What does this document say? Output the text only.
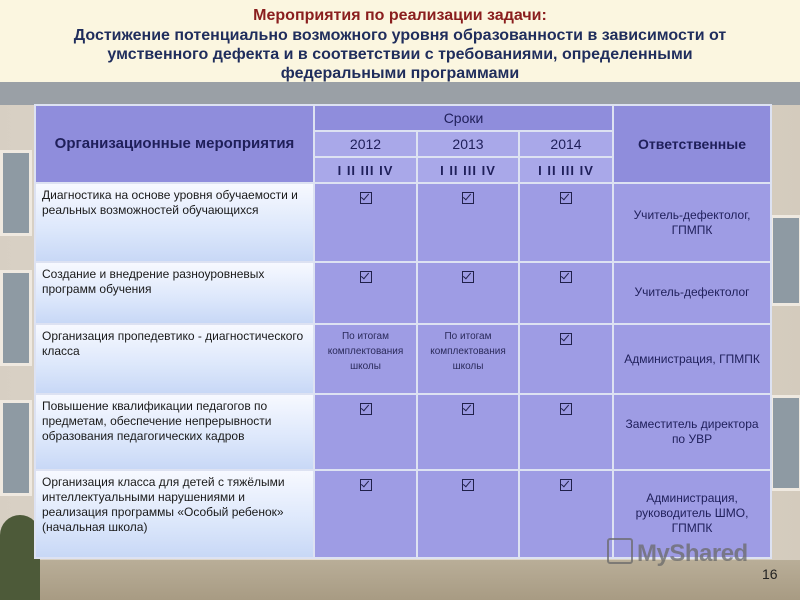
Мероприятия по реализации задачи:
Достижение потенциально возможного уровня образованности в зависимости от
умственного дефекта и в соответствии с требованиями, определенными
федеральными программами
Организационные мероприятия	Сроки			Ответственные
	2012	2013	2014	
	I II III IV	I II III IV	I II III IV	
Диагностика на основе уровня обучаемости и реальных возможностей обучающихся				Учитель-дефектолог, ГПМПК
Создание и внедрение разноуровневых программ обучения				Учитель-дефектолог
Организация пропедевтико - диагностического класса	По итогам комплектования школы	По итогам комплектования школы		Администрация, ГПМПК
Повышение квалификации педагогов по предметам, обеспечение непрерывности образования педагогических кадров				Заместитель директора по УВР
Организация класса для детей с тяжёлыми интеллектуальными нарушениями и реализация программы «Особый ребенок» (начальная школа)				Администрация, руководитель ШМО, ГПМПК
MyShared
16
